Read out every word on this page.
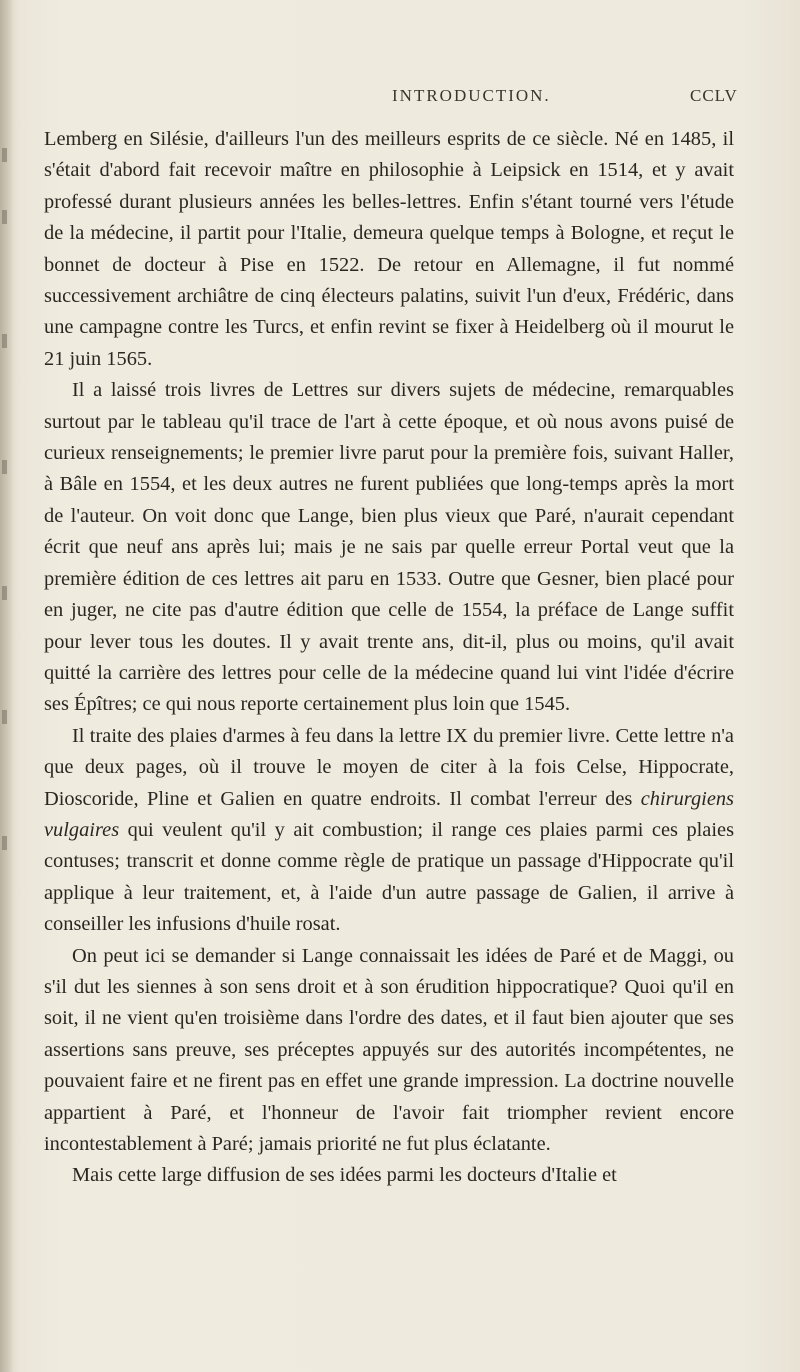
INTRODUCTION.	CCLV

Lemberg en Silésie, d'ailleurs l'un des meilleurs esprits de ce siècle. Né en 1485, il s'était d'abord fait recevoir maître en philosophie à Leipsick en 1514, et y avait professé durant plusieurs années les belles-lettres. Enfin s'étant tourné vers l'étude de la médecine, il partit pour l'Italie, demeura quelque temps à Bologne, et reçut le bonnet de docteur à Pise en 1522. De retour en Allemagne, il fut nommé successivement archiâtre de cinq électeurs palatins, suivit l'un d'eux, Frédéric, dans une campagne contre les Turcs, et enfin revint se fixer à Heidelberg où il mourut le 21 juin 1565.

Il a laissé trois livres de Lettres sur divers sujets de médecine, remarquables surtout par le tableau qu'il trace de l'art à cette époque, et où nous avons puisé de curieux renseignements; le premier livre parut pour la première fois, suivant Haller, à Bâle en 1554, et les deux autres ne furent publiées que long-temps après la mort de l'auteur. On voit donc que Lange, bien plus vieux que Paré, n'aurait cependant écrit que neuf ans après lui; mais je ne sais par quelle erreur Portal veut que la première édition de ces lettres ait paru en 1533. Outre que Gesner, bien placé pour en juger, ne cite pas d'autre édition que celle de 1554, la préface de Lange suffit pour lever tous les doutes. Il y avait trente ans, dit-il, plus ou moins, qu'il avait quitté la carrière des lettres pour celle de la médecine quand lui vint l'idée d'écrire ses Épîtres; ce qui nous reporte certainement plus loin que 1545.

Il traite des plaies d'armes à feu dans la lettre IX du premier livre. Cette lettre n'a que deux pages, où il trouve le moyen de citer à la fois Celse, Hippocrate, Dioscoride, Pline et Galien en quatre endroits. Il combat l'erreur des chirurgiens vulgaires qui veulent qu'il y ait combustion; il range ces plaies parmi ces plaies contuses; transcrit et donne comme règle de pratique un passage d'Hippocrate qu'il applique à leur traitement, et, à l'aide d'un autre passage de Galien, il arrive à conseiller les infusions d'huile rosat.

On peut ici se demander si Lange connaissait les idées de Paré et de Maggi, ou s'il dut les siennes à son sens droit et à son érudition hippocratique? Quoi qu'il en soit, il ne vient qu'en troisième dans l'ordre des dates, et il faut bien ajouter que ses assertions sans preuve, ses préceptes appuyés sur des autorités incompétentes, ne pouvaient faire et ne firent pas en effet une grande impression. La doctrine nouvelle appartient à Paré, et l'honneur de l'avoir fait triompher revient encore incontestablement à Paré; jamais priorité ne fut plus éclatante.

Mais cette large diffusion de ses idées parmi les docteurs d'Italie et
